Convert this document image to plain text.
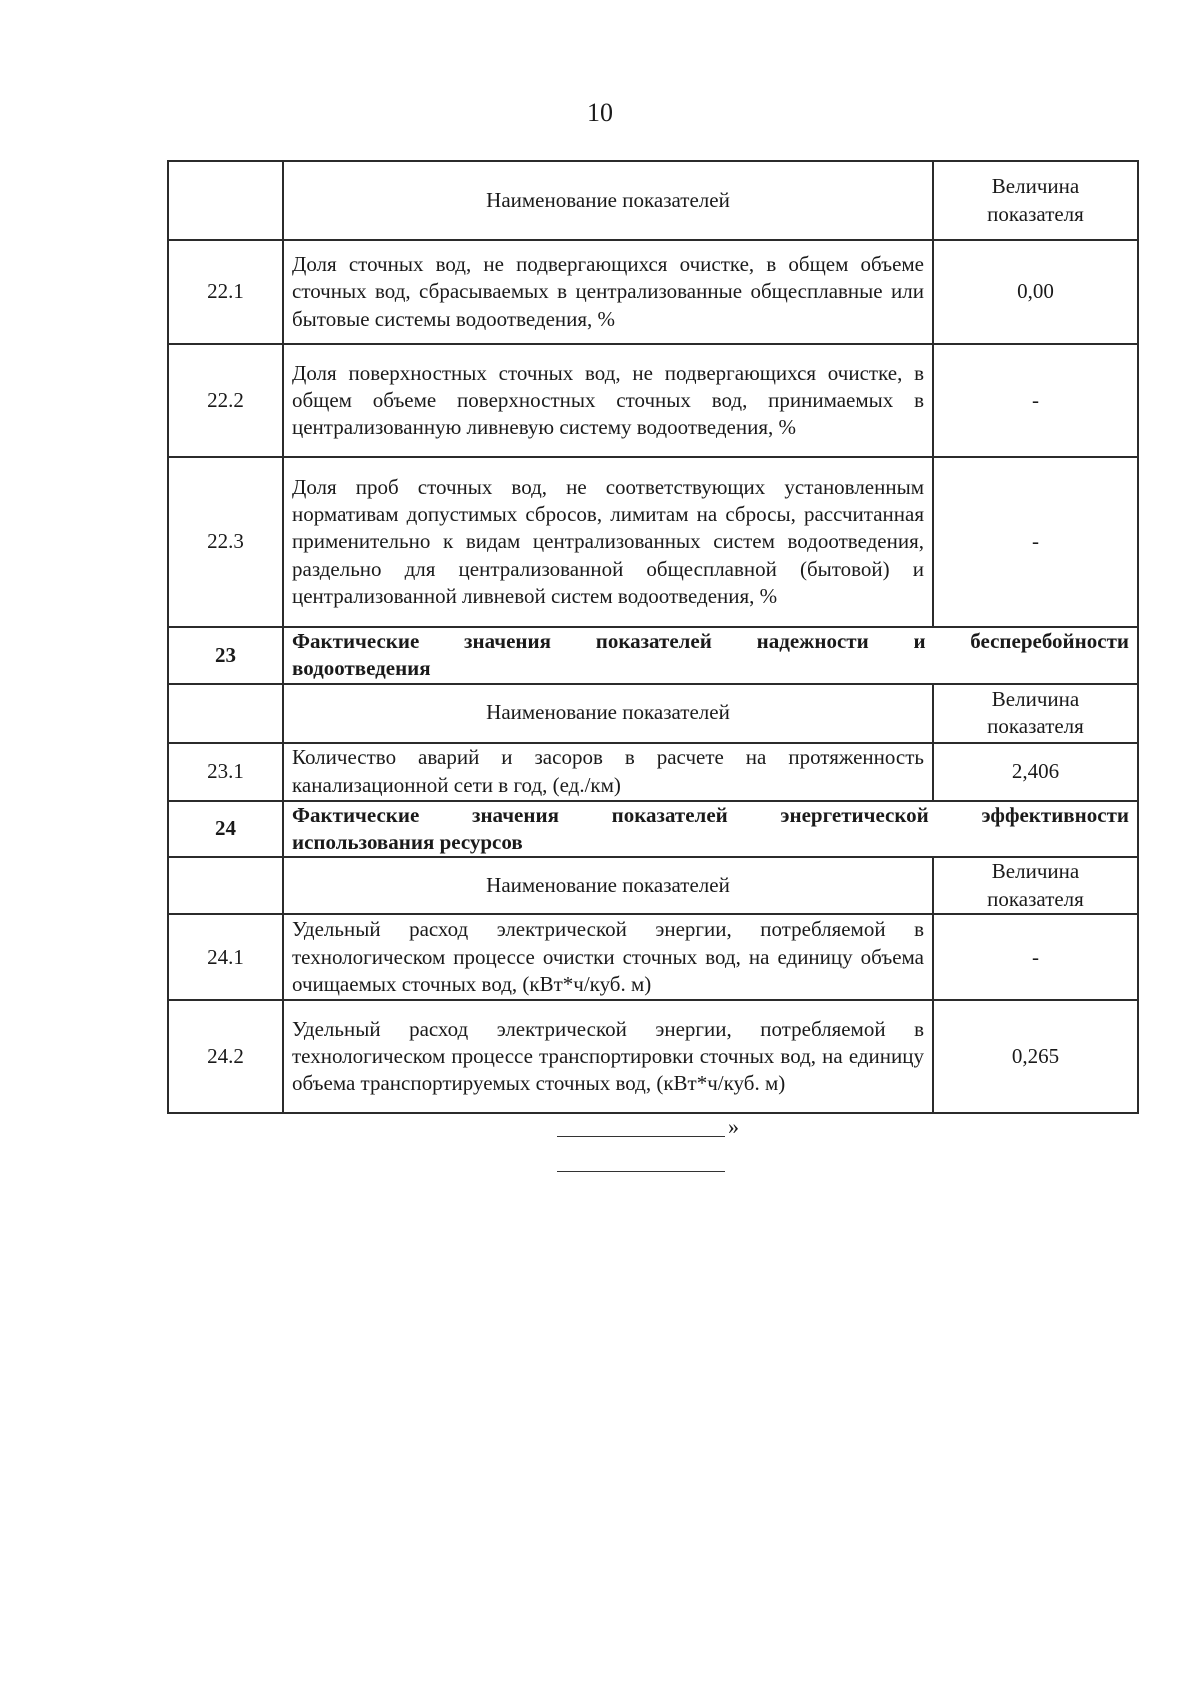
10
	Наименование показателей	Величина показателя
22.1	Доля сточных вод, не подвергающихся очистке, в общем объеме сточных вод, сбрасываемых в централизованные общесплавные или бытовые системы водоотведения, %	0,00
22.2	Доля поверхностных сточных вод, не подвергающихся очистке, в общем объеме поверхностных сточных вод, принимаемых в централизованную ливневую систему водоотведения, %	-
22.3	Доля проб сточных вод, не соответствующих установленным нормативам допустимых сбросов, лимитам на сбросы, рассчитанная применительно к видам централизованных систем водоотведения, раздельно для централизованной общесплавной (бытовой) и централизованной ливневой систем водоотведения, %	-
23	Фактические значения показателей надежности и бесперебойности
водоотведения	
	Наименование показателей	Величина показателя
23.1	Количество аварий и засоров в расчете на протяженность канализационной сети в год, (ед./км)	2,406
24	Фактические значения показателей энергетической эффективности
использования ресурсов	
	Наименование показателей	Величина показателя
24.1	Удельный расход электрической энергии, потребляемой в технологическом процессе очистки сточных вод, на единицу объема очищаемых сточных вод, (кВт*ч/куб. м)	-
24.2	Удельный расход электрической энергии, потребляемой в технологическом процессе транспортировки сточных вод, на единицу объема транспортируемых сточных вод, (кВт*ч/куб. м)	0,265
»
